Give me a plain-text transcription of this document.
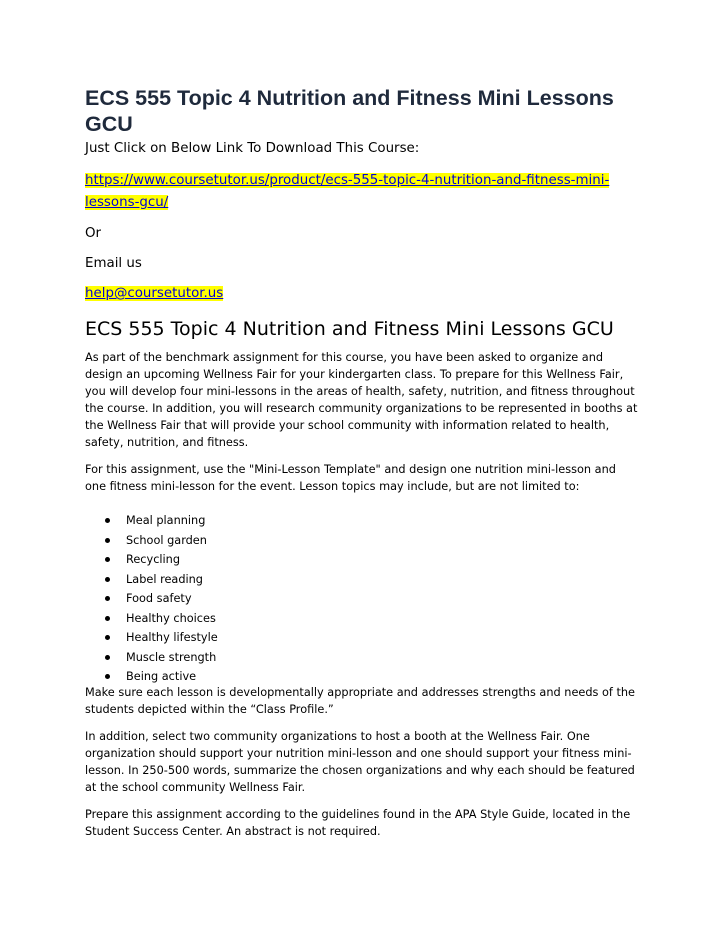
ECS 555 Topic 4 Nutrition and Fitness Mini Lessons GCU

Just Click on Below Link To Download This Course:

https://www.coursetutor.us/product/ecs-555-topic-4-nutrition-and-fitness-mini-
lessons-gcu/
Or
Email us
help@coursetutor.us
ECS 555 Topic 4 Nutrition and Fitness Mini Lessons GCU

As part of the benchmark assignment for this course, you have been asked to organize and design an upcoming Wellness Fair for your kindergarten class. To prepare for this Wellness Fair, you will develop four mini-lessons in the areas of health, safety, nutrition, and fitness throughout the course. In addition, you will research community organizations to be represented in booths at the Wellness Fair that will provide your school community with information related to health, safety, nutrition, and fitness.

For this assignment, use the "Mini-Lesson Template" and design one nutrition mini-lesson and one fitness mini-lesson for the event. Lesson topics may include, but are not limited to:

Meal planning
School garden
Recycling
Label reading
Food safety
Healthy choices
Healthy lifestyle
Muscle strength
Being active

Make sure each lesson is developmentally appropriate and addresses strengths and needs of the students depicted within the “Class Profile.”

In addition, select two community organizations to host a booth at the Wellness Fair. One organization should support your nutrition mini-lesson and one should support your fitness mini-lesson. In 250-500 words, summarize the chosen organizations and why each should be featured at the school community Wellness Fair.

Prepare this assignment according to the guidelines found in the APA Style Guide, located in the Student Success Center. An abstract is not required.
